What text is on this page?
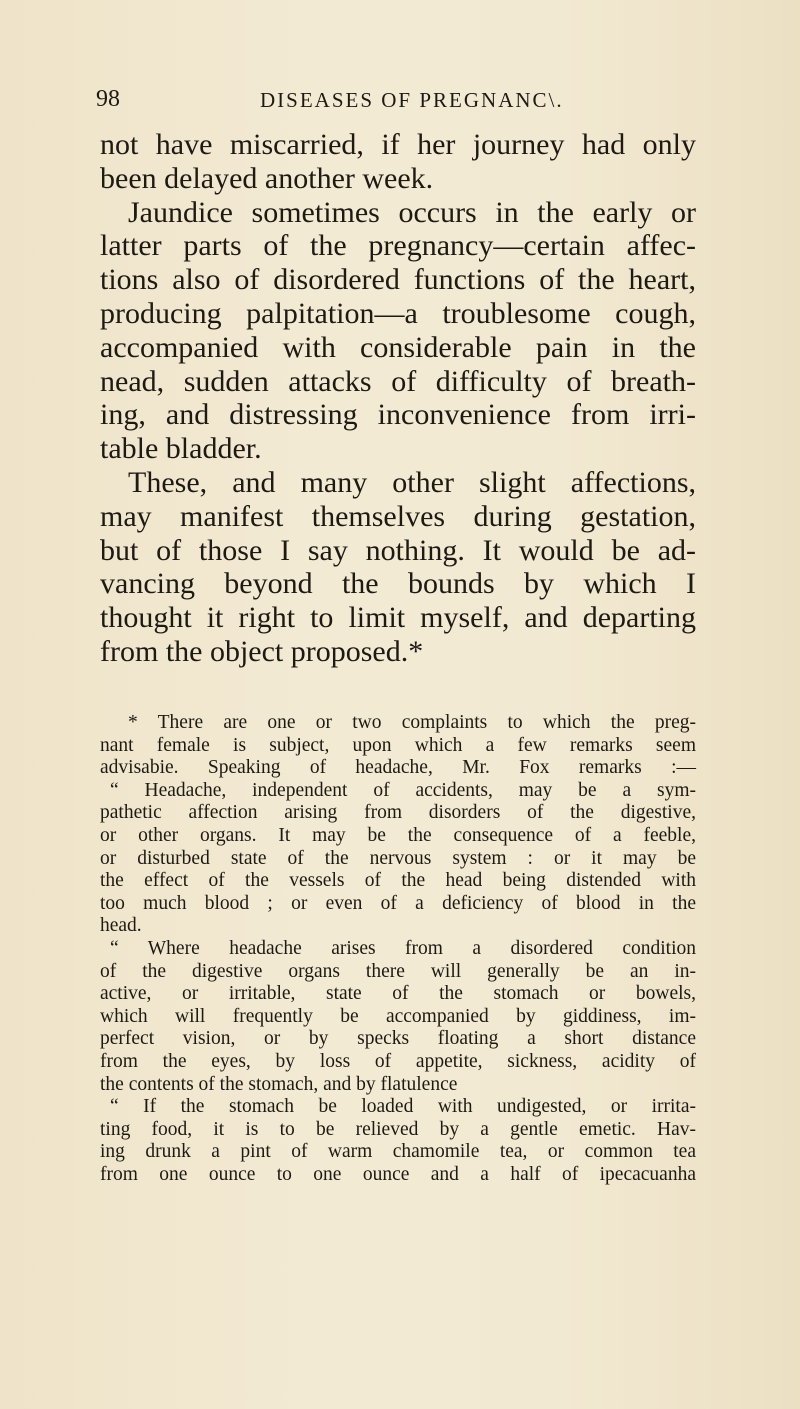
98	DISEASES OF PREGNANC\.
not have miscarried, if her journey had only
been delayed another week.
Jaundice sometimes occurs in the early or
latter parts of the pregnancy—certain affec-
tions also of disordered functions of the heart,
producing palpitation—a troublesome cough,
accompanied with considerable pain in the
nead, sudden attacks of difficulty of breath-
ing, and distressing inconvenience from irri-
table bladder.
These, and many other slight affections,
may manifest themselves during gestation,
but of those I say nothing. It would be ad-
vancing beyond the bounds by which I
thought it right to limit myself, and departing
from the object proposed.*
* There are one or two complaints to which the preg-
nant female is subject, upon which a few remarks seem
advisabie. Speaking of headache, Mr. Fox remarks :—
“ Headache, independent of accidents, may be a sym-
pathetic affection arising from disorders of the digestive,
or other organs. It may be the consequence of a feeble,
or disturbed state of the nervous system : or it may be
the effect of the vessels of the head being distended with
too much blood ; or even of a deficiency of blood in the
head.
“ Where headache arises from a disordered condition
of the digestive organs there will generally be an in-
active, or irritable, state of the stomach or bowels,
which will frequently be accompanied by giddiness, im-
perfect vision, or by specks floating a short distance
from the eyes, by loss of appetite, sickness, acidity of
the contents of the stomach, and by flatulence
“ If the stomach be loaded with undigested, or irrita-
ting food, it is to be relieved by a gentle emetic. Hav-
ing drunk a pint of warm chamomile tea, or common tea
from one ounce to one ounce and a half of ipecacuanha
